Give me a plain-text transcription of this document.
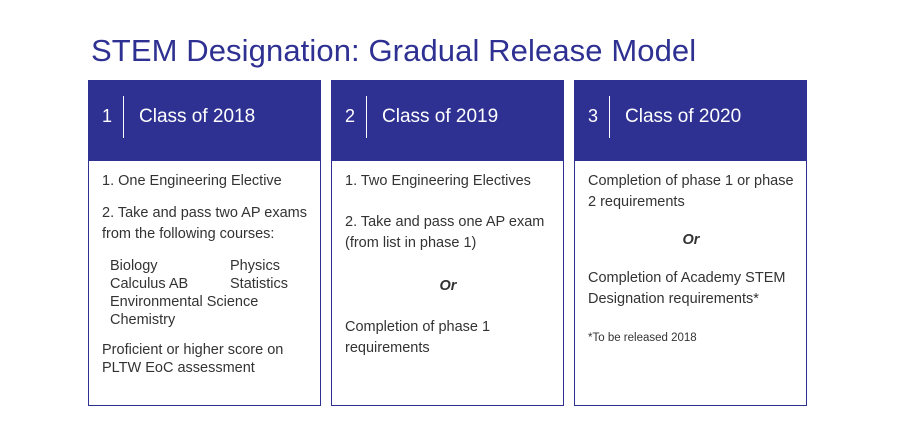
STEM Designation: Gradual Release Model
1 Class of 2018

1. One Engineering Elective

2. Take and pass two AP exams from the following courses:

Biology	Physics
Calculus AB	Statistics
Environmental Science
Chemistry

Proficient or higher score on PLTW EoC assessment

2 Class of 2019

1. Two Engineering Electives

2. Take and pass one AP exam (from list in phase 1)

Or

Completion of phase 1 requirements

3 Class of 2020

Completion of phase 1 or phase 2 requirements

Or

Completion of Academy STEM Designation requirements*

*To be released 2018
